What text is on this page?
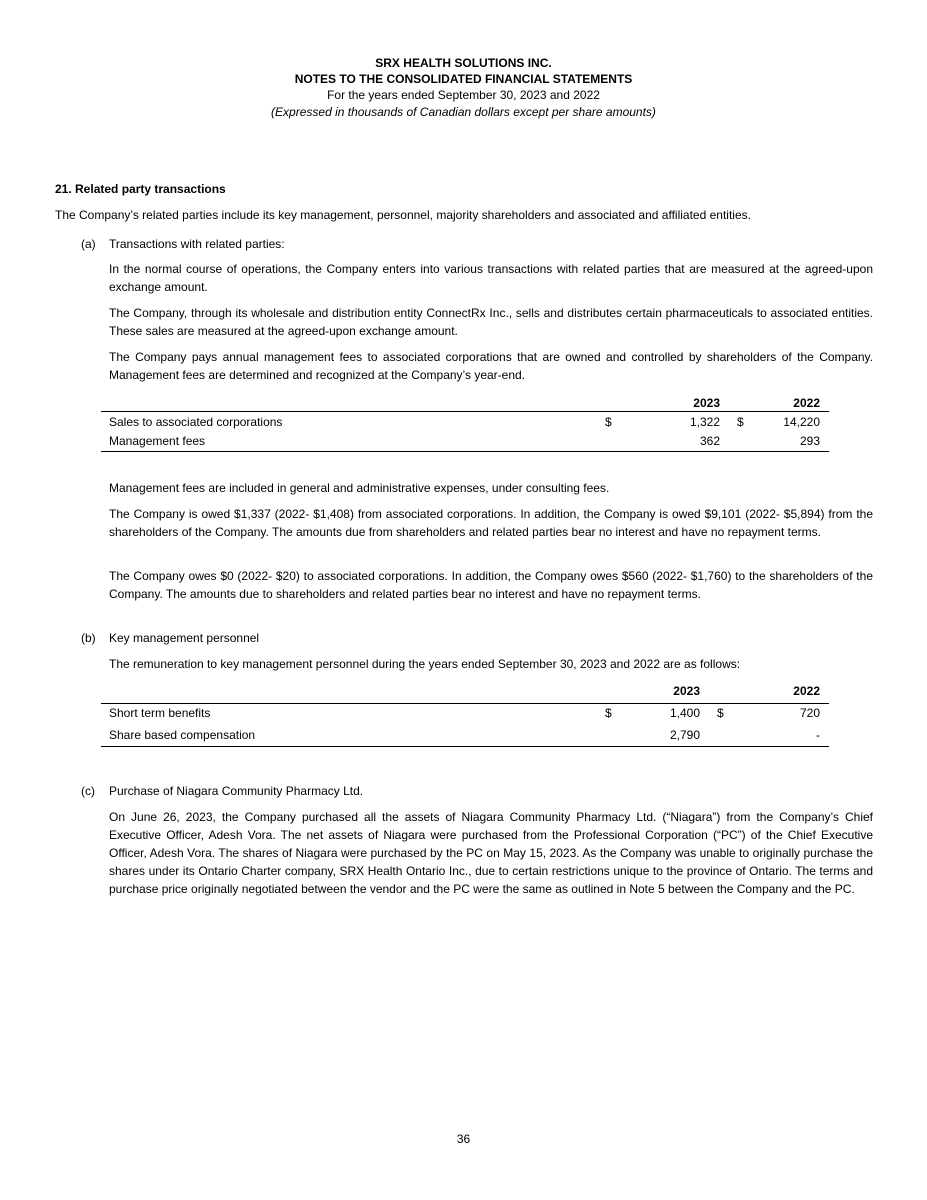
SRX HEALTH SOLUTIONS INC.
NOTES TO THE CONSOLIDATED FINANCIAL STATEMENTS
For the years ended September 30, 2023 and 2022
(Expressed in thousands of Canadian dollars except per share amounts)
21. Related party transactions
The Company’s related parties include its key management, personnel, majority shareholders and associated and affiliated entities.
(a) Transactions with related parties:
In the normal course of operations, the Company enters into various transactions with related parties that are measured at the agreed-upon exchange amount.
The Company, through its wholesale and distribution entity ConnectRx Inc., sells and distributes certain pharmaceuticals to associated entities. These sales are measured at the agreed-upon exchange amount.
The Company pays annual management fees to associated corporations that are owned and controlled by shareholders of the Company. Management fees are determined and recognized at the Company’s year-end.
2023	2022
Sales to associated corporations	$	1,322 $	14,220
Management fees	362	293
Management fees are included in general and administrative expenses, under consulting fees.
The Company is owed $1,337 (2022- $1,408) from associated corporations. In addition, the Company is owed $9,101 (2022- $5,894) from the shareholders of the Company. The amounts due from shareholders and related parties bear no interest and have no repayment terms.
The Company owes $0 (2022- $20) to associated corporations. In addition, the Company owes $560 (2022- $1,760) to the shareholders of the Company. The amounts due to shareholders and related parties bear no interest and have no repayment terms.
(b) Key management personnel
The remuneration to key management personnel during the years ended September 30, 2023 and 2022 are as follows:
2023	2022
Short term benefits	$	1,400 $	720
Share based compensation	2,790	-
(c) Purchase of Niagara Community Pharmacy Ltd.
On June 26, 2023, the Company purchased all the assets of Niagara Community Pharmacy Ltd. (“Niagara”) from the Company’s Chief Executive Officer, Adesh Vora. The net assets of Niagara were purchased from the Professional Corporation (“PC”) of the Chief Executive Officer, Adesh Vora. The shares of Niagara were purchased by the PC on May 15, 2023. As the Company was unable to originally purchase the shares under its Ontario Charter company, SRX Health Ontario Inc., due to certain restrictions unique to the province of Ontario. The terms and purchase price originally negotiated between the vendor and the PC were the same as outlined in Note 5 between the Company and the PC.
36
